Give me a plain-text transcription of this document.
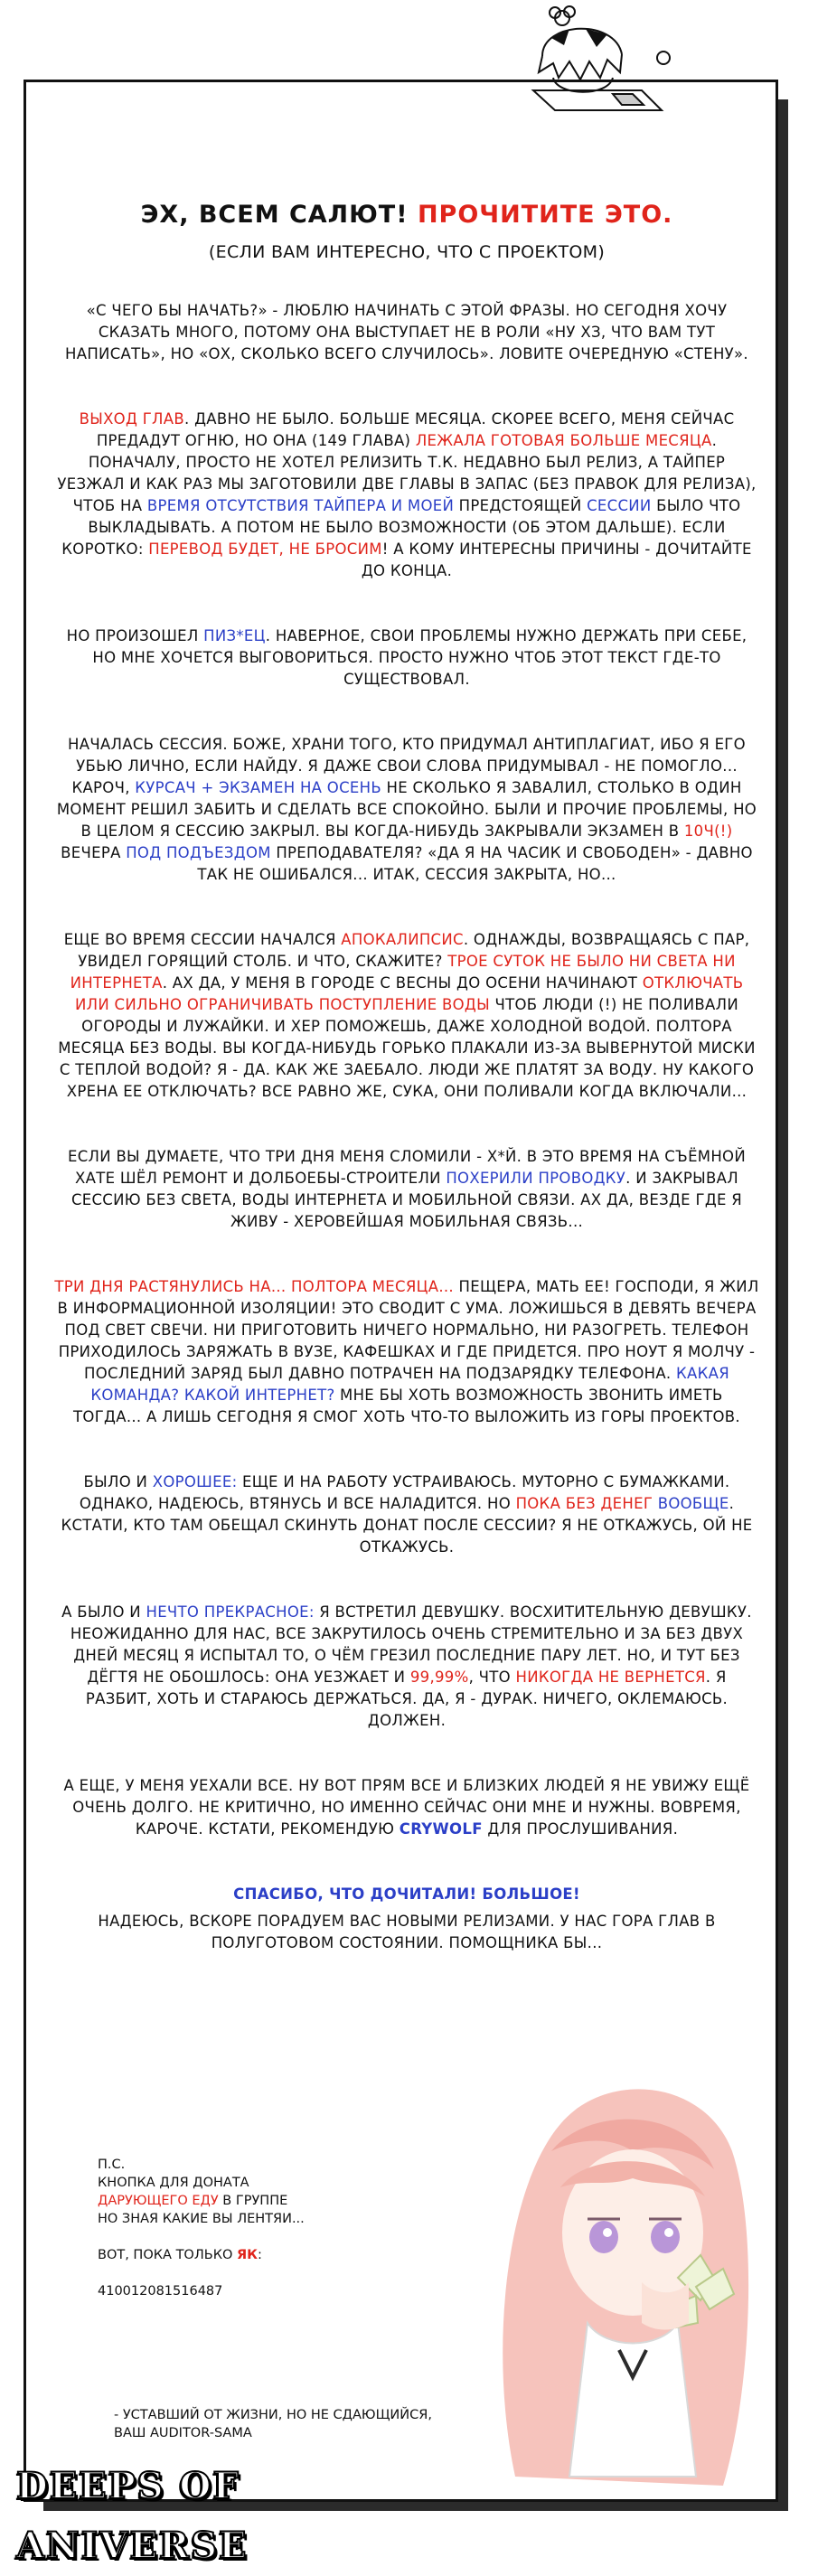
ЭХ, ВСЕМ САЛЮТ! ПРОЧИТИТЕ ЭТО.

(ЕСЛИ ВАМ ИНТЕРЕСНО, ЧТО С ПРОЕКТОМ)

«С ЧЕГО БЫ НАЧАТЬ?» - ЛЮБЛЮ НАЧИНАТЬ С ЭТОЙ ФРАЗЫ. НО СЕГОДНЯ ХОЧУ СКАЗАТЬ МНОГО, ПОТОМУ ОНА ВЫСТУПАЕТ НЕ В РОЛИ «НУ ХЗ, ЧТО ВАМ ТУТ НАПИСАТЬ», НО «ОХ, СКОЛЬКО ВСЕГО СЛУЧИЛОСЬ». ЛОВИТЕ ОЧЕРЕДНУЮ «СТЕНУ».

ВЫХОД ГЛАВ. ДАВНО НЕ БЫЛО. БОЛЬШЕ МЕСЯЦА. СКОРЕЕ ВСЕГО, МЕНЯ СЕЙЧАС ПРЕДАДУТ ОГНЮ, НО ОНА (149 ГЛАВА) ЛЕЖАЛА ГОТОВАЯ БОЛЬШЕ МЕСЯЦА. ПОНАЧАЛУ, ПРОСТО НЕ ХОТЕЛ РЕЛИЗИТЬ Т.К. НЕДАВНО БЫЛ РЕЛИЗ, А ТАЙПЕР УЕЗЖАЛ И КАК РАЗ МЫ ЗАГОТОВИЛИ ДВЕ ГЛАВЫ В ЗАПАС (БЕЗ ПРАВОК ДЛЯ РЕЛИЗА), ЧТОБ НА ВРЕМЯ ОТСУТСТВИЯ ТАЙПЕРА И МОЕЙ ПРЕДСТОЯЩЕЙ СЕССИИ БЫЛО ЧТО ВЫКЛАДЫВАТЬ. А ПОТОМ НЕ БЫЛО ВОЗМОЖНОСТИ (ОБ ЭТОМ ДАЛЬШЕ). ЕСЛИ КОРОТКО: ПЕРЕВОД БУДЕТ, НЕ БРОСИМ! А КОМУ ИНТЕРЕСНЫ ПРИЧИНЫ - ДОЧИТАЙТЕ ДО КОНЦА.

НО ПРОИЗОШЕЛ ПИЗ*ЕЦ. НАВЕРНОЕ, СВОИ ПРОБЛЕМЫ НУЖНО ДЕРЖАТЬ ПРИ СЕБЕ, НО МНЕ ХОЧЕТСЯ ВЫГОВОРИТЬСЯ. ПРОСТО НУЖНО ЧТОБ ЭТОТ ТЕКСТ ГДЕ-ТО СУЩЕСТВОВАЛ.

НАЧАЛАСЬ СЕССИЯ. БОЖЕ, ХРАНИ ТОГО, КТО ПРИДУМАЛ АНТИПЛАГИАТ, ИБО Я ЕГО УБЬЮ ЛИЧНО, ЕСЛИ НАЙДУ. Я ДАЖЕ СВОИ СЛОВА ПРИДУМЫВАЛ - НЕ ПОМОГЛО... КАРОЧ, КУРСАЧ + ЭКЗАМЕН НА ОСЕНЬ НЕ СКОЛЬКО Я ЗАВАЛИЛ, СТОЛЬКО В ОДИН МОМЕНТ РЕШИЛ ЗАБИТЬ И СДЕЛАТЬ ВСЕ СПОКОЙНО. БЫЛИ И ПРОЧИЕ ПРОБЛЕМЫ, НО В ЦЕЛОМ Я СЕССИЮ ЗАКРЫЛ. ВЫ КОГДА-НИБУДЬ ЗАКРЫВАЛИ ЭКЗАМЕН В 10Ч(!) ВЕЧЕРА ПОД ПОДЪЕЗДОМ ПРЕПОДАВАТЕЛЯ? «ДА Я НА ЧАСИК И СВОБОДЕН» - ДАВНО ТАК НЕ ОШИБАЛСЯ... ИТАК, СЕССИЯ ЗАКРЫТА, НО...

ЕЩЕ ВО ВРЕМЯ СЕССИИ НАЧАЛСЯ АПОКАЛИПСИС. ОДНАЖДЫ, ВОЗВРАЩАЯСЬ С ПАР, УВИДЕЛ ГОРЯЩИЙ СТОЛБ. И ЧТО, СКАЖИТЕ? ТРОЕ СУТОК НЕ БЫЛО НИ СВЕТА НИ ИНТЕРНЕТА. АХ ДА, У МЕНЯ В ГОРОДЕ С ВЕСНЫ ДО ОСЕНИ НАЧИНАЮТ ОТКЛЮЧАТЬ ИЛИ СИЛЬНО ОГРАНИЧИВАТЬ ПОСТУПЛЕНИЕ ВОДЫ ЧТОБ ЛЮДИ (!) НЕ ПОЛИВАЛИ ОГОРОДЫ И ЛУЖАЙКИ. И ХЕР ПОМОЖЕШЬ, ДАЖЕ ХОЛОДНОЙ ВОДОЙ. ПОЛТОРА МЕСЯЦА БЕЗ ВОДЫ. ВЫ КОГДА-НИБУДЬ ГОРЬКО ПЛАКАЛИ ИЗ-ЗА ВЫВЕРНУТОЙ МИСКИ С ТЕПЛОЙ ВОДОЙ? Я - ДА. КАК ЖЕ ЗАЕБАЛО. ЛЮДИ ЖЕ ПЛАТЯТ ЗА ВОДУ. НУ КАКОГО ХРЕНА ЕЕ ОТКЛЮЧАТЬ? ВСЕ РАВНО ЖЕ, СУКА, ОНИ ПОЛИВАЛИ КОГДА ВКЛЮЧАЛИ...

ЕСЛИ ВЫ ДУМАЕТЕ, ЧТО ТРИ ДНЯ МЕНЯ СЛОМИЛИ - Х*Й. В ЭТО ВРЕМЯ НА СЪЁМНОЙ ХАТЕ ШЁЛ РЕМОНТ И ДОЛБОЕБЫ-СТРОИТЕЛИ ПОХЕРИЛИ ПРОВОДКУ. И ЗАКРЫВАЛ СЕССИЮ БЕЗ СВЕТА, ВОДЫ ИНТЕРНЕТА И МОБИЛЬНОЙ СВЯЗИ. АХ ДА, ВЕЗДЕ ГДЕ Я ЖИВУ - ХЕРОВЕЙШАЯ МОБИЛЬНАЯ СВЯЗЬ...

ТРИ ДНЯ РАСТЯНУЛИСЬ НА... ПОЛТОРА МЕСЯЦА... ПЕЩЕРА, МАТЬ ЕЕ! ГОСПОДИ, Я ЖИЛ В ИНФОРМАЦИОННОЙ ИЗОЛЯЦИИ! ЭТО СВОДИТ С УМА. ЛОЖИШЬСЯ В ДЕВЯТЬ ВЕЧЕРА ПОД СВЕТ СВЕЧИ. НИ ПРИГОТОВИТЬ НИЧЕГО НОРМАЛЬНО, НИ РАЗОГРЕТЬ. ТЕЛЕФОН ПРИХОДИЛОСЬ ЗАРЯЖАТЬ В ВУЗЕ, КАФЕШКАХ И ГДЕ ПРИДЕТСЯ. ПРО НОУТ Я МОЛЧУ - ПОСЛЕДНИЙ ЗАРЯД БЫЛ ДАВНО ПОТРАЧЕН НА ПОДЗАРЯДКУ ТЕЛЕФОНА. КАКАЯ КОМАНДА? КАКОЙ ИНТЕРНЕТ? МНЕ БЫ ХОТЬ ВОЗМОЖНОСТЬ ЗВОНИТЬ ИМЕТЬ ТОГДА... А ЛИШЬ СЕГОДНЯ Я СМОГ ХОТЬ ЧТО-ТО ВЫЛОЖИТЬ ИЗ ГОРЫ ПРОЕКТОВ.

БЫЛО И ХОРОШЕЕ: ЕЩЕ И НА РАБОТУ УСТРАИВАЮСЬ. МУТОРНО С БУМАЖКАМИ. ОДНАКО, НАДЕЮСЬ, ВТЯНУСЬ И ВСЕ НАЛАДИТСЯ. НО ПОКА БЕЗ ДЕНЕГ ВООБЩЕ. КСТАТИ, КТО ТАМ ОБЕЩАЛ СКИНУТЬ ДОНАТ ПОСЛЕ СЕССИИ? Я НЕ ОТКАЖУСЬ, ОЙ НЕ ОТКАЖУСЬ.

А БЫЛО И НЕЧТО ПРЕКРАСНОЕ: Я ВСТРЕТИЛ ДЕВУШКУ. ВОСХИТИТЕЛЬНУЮ ДЕВУШКУ. НЕОЖИДАННО ДЛЯ НАС, ВСЕ ЗАКРУТИЛОСЬ ОЧЕНЬ СТРЕМИТЕЛЬНО И ЗА БЕЗ ДВУХ ДНЕЙ МЕСЯЦ Я ИСПЫТАЛ ТО, О ЧЁМ ГРЕЗИЛ ПОСЛЕДНИЕ ПАРУ ЛЕТ. НО, И ТУТ БЕЗ ДЁГТЯ НЕ ОБОШЛОСЬ: ОНА УЕЗЖАЕТ И 99,99%, ЧТО НИКОГДА НЕ ВЕРНЕТСЯ. Я РАЗБИТ, ХОТЬ И СТАРАЮСЬ ДЕРЖАТЬСЯ. ДА, Я - ДУРАК. НИЧЕГО, ОКЛЕМАЮСЬ. ДОЛЖЕН.

А ЕЩЕ, У МЕНЯ УЕХАЛИ ВСЕ. НУ ВОТ ПРЯМ ВСЕ И БЛИЗКИХ ЛЮДЕЙ Я НЕ УВИЖУ ЕЩЁ ОЧЕНЬ ДОЛГО. НЕ КРИТИЧНО, НО ИМЕННО СЕЙЧАС ОНИ МНЕ И НУЖНЫ. ВОВРЕМЯ, КАРОЧЕ. КСТАТИ, РЕКОМЕНДУЮ CRYWOLF ДЛЯ ПРОСЛУШИВАНИЯ.

СПАСИБО, ЧТО ДОЧИТАЛИ! БОЛЬШОЕ!

НАДЕЮСЬ, ВСКОРЕ ПОРАДУЕМ ВАС НОВЫМИ РЕЛИЗАМИ. У НАС ГОРА ГЛАВ В ПОЛУГОТОВОМ СОСТОЯНИИ. ПОМОЩНИКА БЫ...

П.С.
КНОПКА ДЛЯ ДОНАТА
ДАРУЮЩЕГО ЕДУ В ГРУППЕ
НО ЗНАЯ КАКИЕ ВЫ ЛЕНТЯИ...
ВОТ, ПОКА ТОЛЬКО ЯК:
410012081516487
- УСТАВШИЙ ОТ ЖИЗНИ, НО НЕ СДАЮЩИЙСЯ, ВАШ AUDITOR-SAMA
DEEPS OF ANIVERSE
